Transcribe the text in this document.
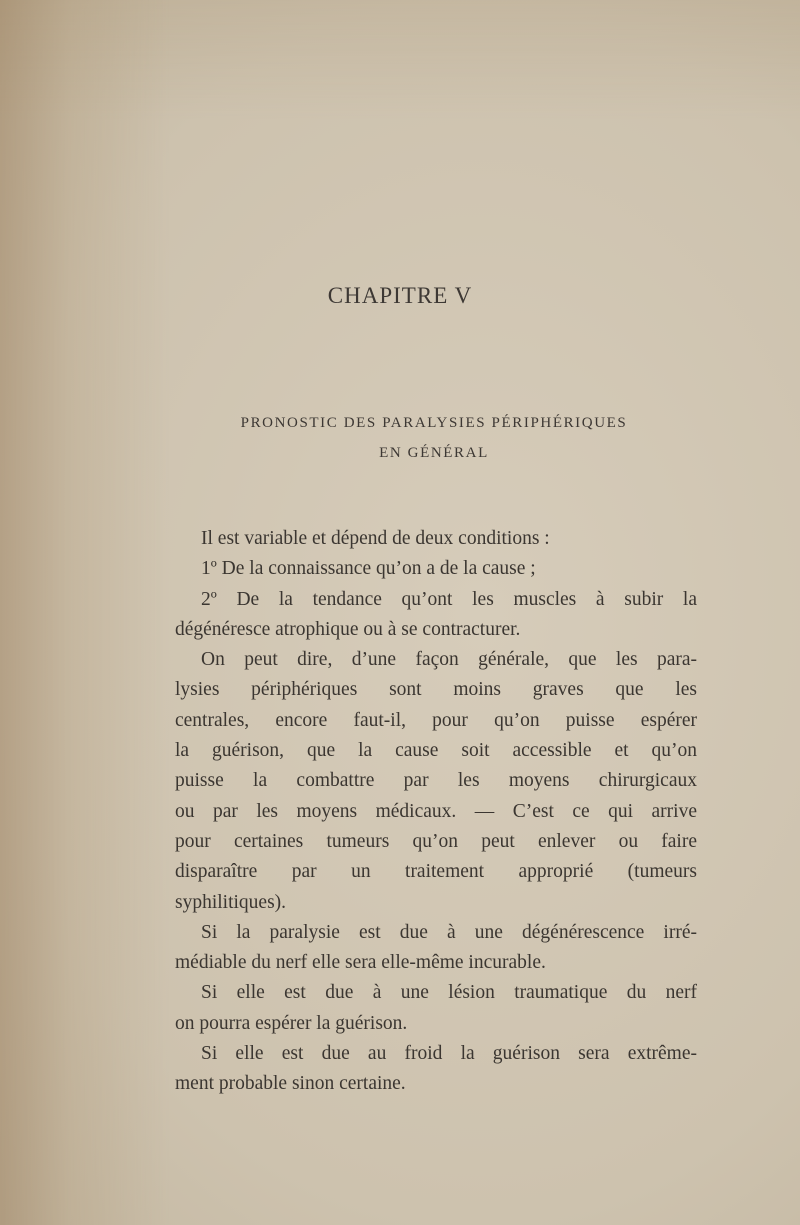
CHAPITRE V
PRONOSTIC DES PARALYSIES PÉRIPHÉRIQUES
EN GÉNÉRAL
Il est variable et dépend de deux conditions :
1º De la connaissance qu’on a de la cause ;
2º De la tendance qu’ont les muscles à subir la
dégénéresce atrophique ou à se contracturer.
On peut dire, d’une façon générale, que les para-
lysies périphériques sont moins graves que les
centrales, encore faut-il, pour qu’on puisse espérer
la guérison, que la cause soit accessible et qu’on
puisse la combattre par les moyens chirurgicaux
ou par les moyens médicaux. — C’est ce qui arrive
pour certaines tumeurs qu’on peut enlever ou faire
disparaître par un traitement approprié (tumeurs
syphilitiques).
Si la paralysie est due à une dégénérescence irré-
médiable du nerf elle sera elle-même incurable.
Si elle est due à une lésion traumatique du nerf
on pourra espérer la guérison.
Si elle est due au froid la guérison sera extrême-
ment probable sinon certaine.
